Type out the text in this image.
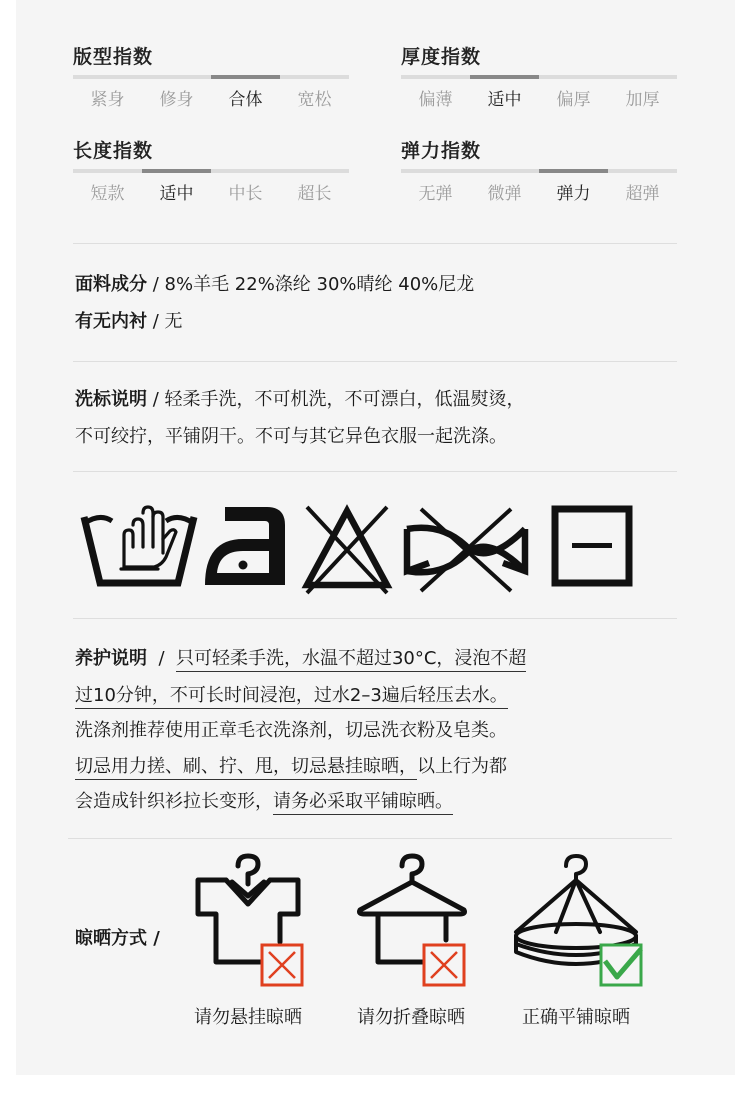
版型指数
紧身	修身	合体	宽松
厚度指数
偏薄	适中	偏厚	加厚
长度指数
短款	适中	中长	超长
弹力指数
无弹	微弹	弹力	超弹
面料成分 / 8%羊毛 22%涤纶 30%晴纶 40%尼龙
有无内衬 / 无
洗标说明 / 轻柔手洗，不可机洗，不可漂白，低温熨烫，
不可绞拧，平铺阴干。不可与其它异色衣服一起洗涤。
养护说明  /  只可轻柔手洗，水温不超过30°C，浸泡不超
过10分钟，不可长时间浸泡，过水2–3遍后轻压去水。
洗涤剂推荐使用正章毛衣洗涤剂，切忌洗衣粉及皂类。
切忌用力搓、刷、拧、甩，切忌悬挂晾晒，以上行为都
会造成针织衫拉长变形，请务必采取平铺晾晒。
晾晒方式 /
请勿悬挂晾晒	请勿折叠晾晒	正确平铺晾晒
